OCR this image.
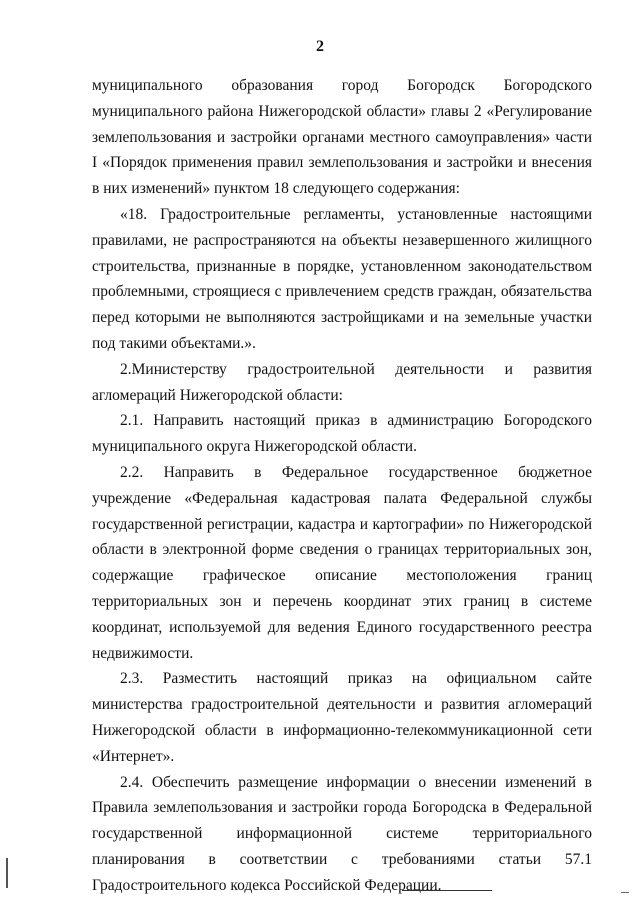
2

муниципального образования город Богородск Богородского муниципального района Нижегородской области» главы 2 «Регулирование землепользования и застройки органами местного самоуправления» части I «Порядок применения правил землепользования и застройки и внесения в них изменений» пунктом 18 следующего содержания:

«18. Градостроительные регламенты, установленные настоящими правилами, не распространяются на объекты незавершенного жилищного строительства, признанные в порядке, установленном законодательством проблемными, строящиеся с привлечением средств граждан, обязательства перед которыми не выполняются застройщиками и на земельные участки под такими объектами.».

2.Министерству градостроительной деятельности и развития агломераций Нижегородской области:

2.1. Направить настоящий приказ в администрацию Богородского муниципального округа Нижегородской области.

2.2. Направить в Федеральное государственное бюджетное учреждение «Федеральная кадастровая палата Федеральной службы государственной регистрации, кадастра и картографии» по Нижегородской области в электронной форме сведения о границах территориальных зон, содержащие графическое описание местоположения границ территориальных зон и перечень координат этих границ в системе координат, используемой для ведения Единого государственного реестра недвижимости.

2.3. Разместить настоящий приказ на официальном сайте министерства градостроительной деятельности и развития агломераций Нижегородской области в информационно-телекоммуникационной сети «Интернет».

2.4. Обеспечить размещение информации о внесении изменений в Правила землепользования и застройки города Богородска в Федеральной государственной информационной системе территориального планирования в соответствии с требованиями статьи 57.1 Градостроительного кодекса Российской Федерации.
